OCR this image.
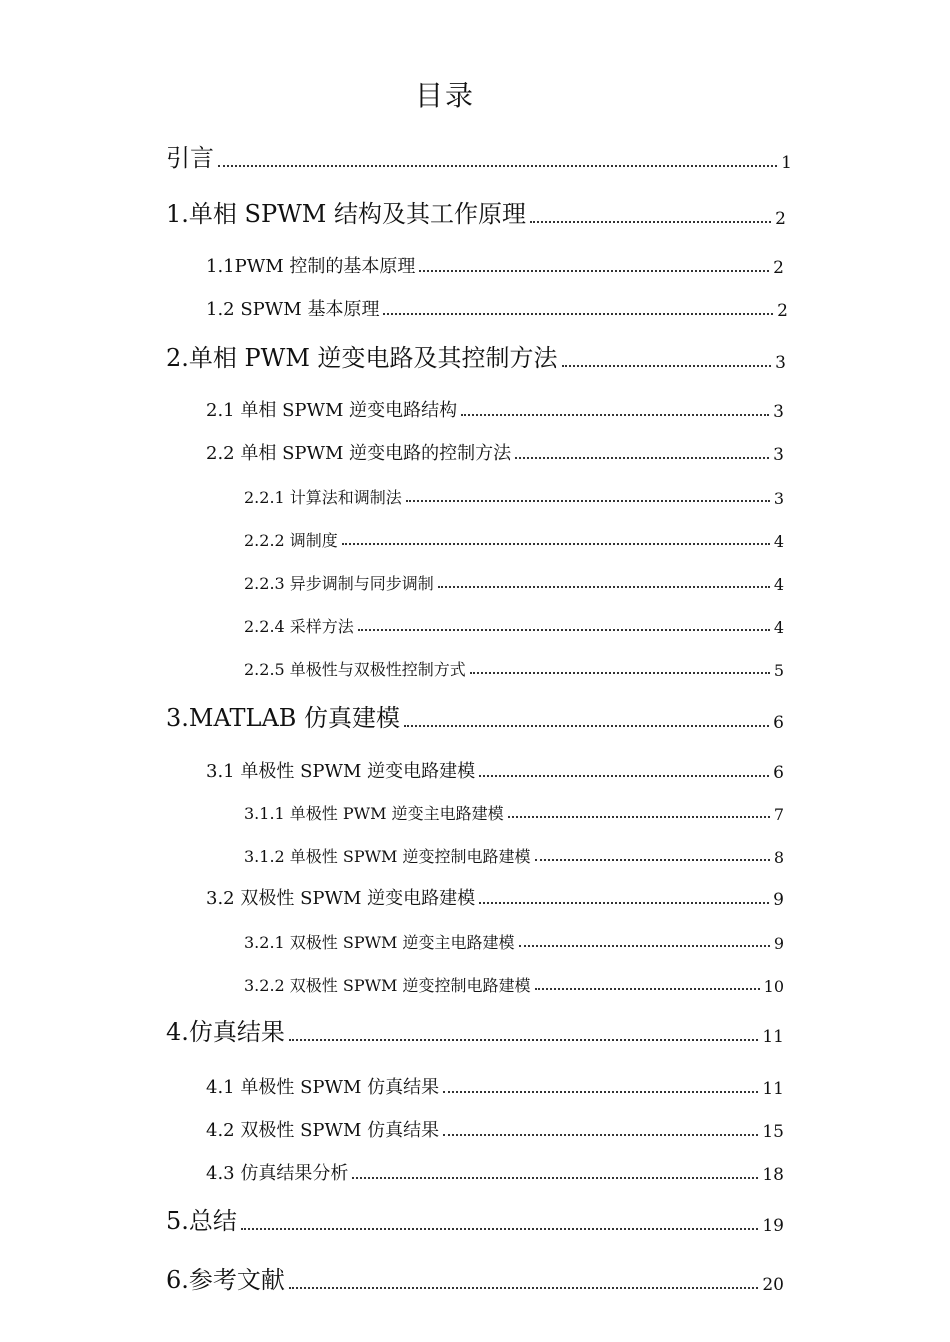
目录
引言	1
1.单相 SPWM 结构及其工作原理	2
1.1PWM 控制的基本原理	2
1.2 SPWM 基本原理	2
2.单相 PWM 逆变电路及其控制方法	3
2.1 单相 SPWM 逆变电路结构	3
2.2 单相 SPWM 逆变电路的控制方法	3
2.2.1 计算法和调制法	3
2.2.2 调制度	4
2.2.3 异步调制与同步调制	4
2.2.4 采样方法	4
2.2.5 单极性与双极性控制方式	5
3.MATLAB 仿真建模	6
3.1 单极性 SPWM 逆变电路建模	6
3.1.1 单极性 PWM 逆变主电路建模	7
3.1.2 单极性 SPWM 逆变控制电路建模	8
3.2 双极性 SPWM 逆变电路建模	9
3.2.1 双极性 SPWM 逆变主电路建模	9
3.2.2 双极性 SPWM 逆变控制电路建模	10
4.仿真结果	11
4.1 单极性 SPWM 仿真结果	11
4.2 双极性 SPWM 仿真结果	15
4.3 仿真结果分析	18
5.总结	19
6.参考文献	20
